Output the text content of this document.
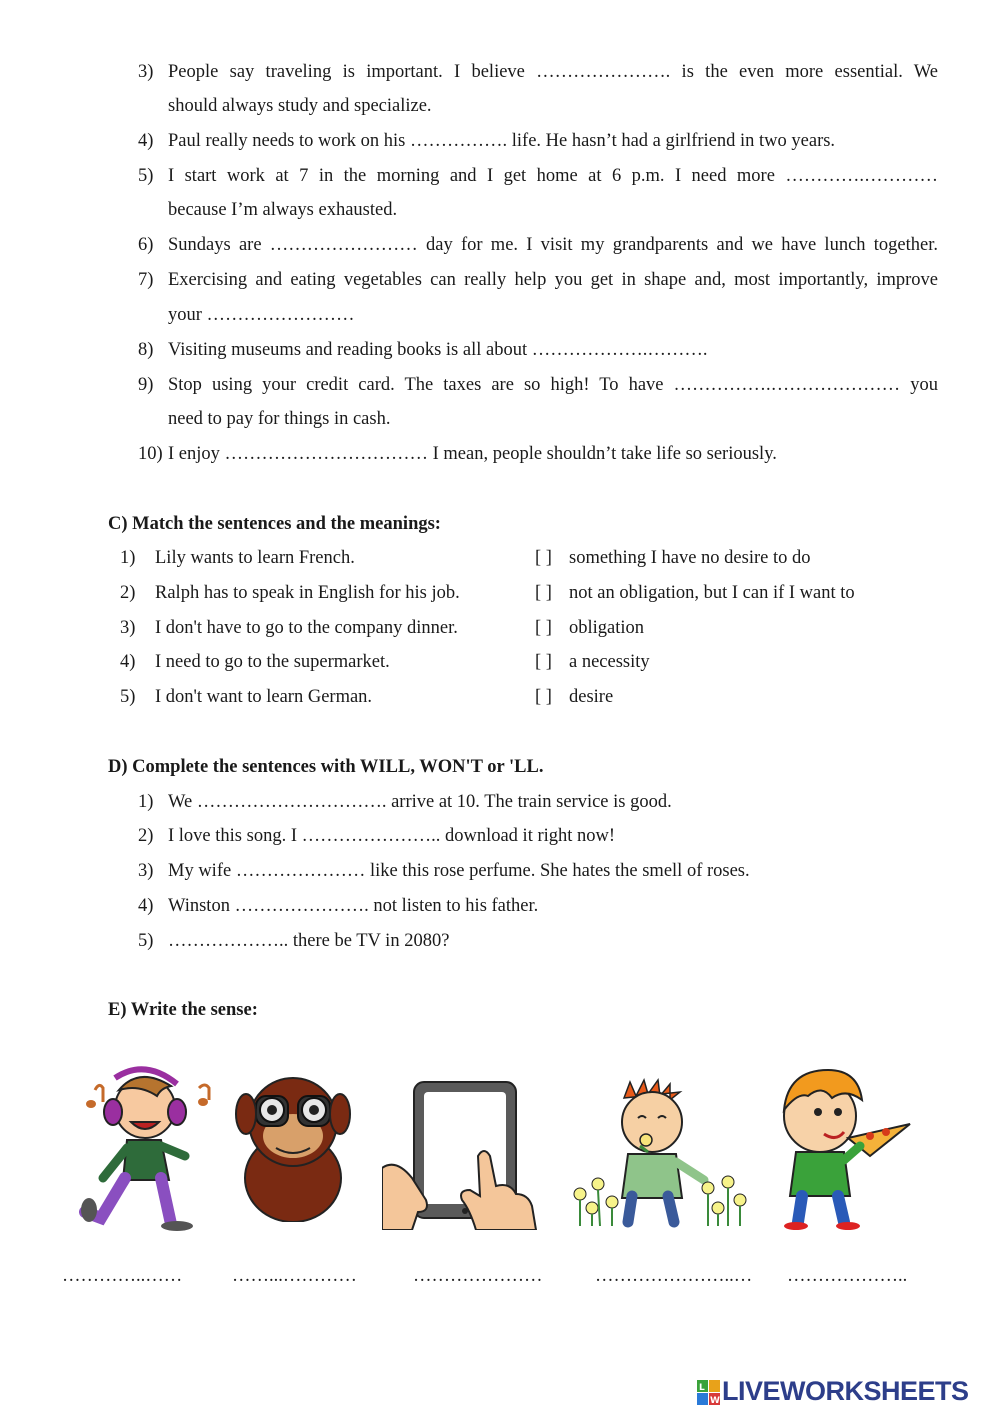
3) People say traveling is important. I believe …………………. is the even more essential. We
should always study and specialize.
4) Paul really needs to work on his ……………. life. He hasn’t had a girlfriend in two years.
5) I start work at 7 in the morning and I get home at 6 p.m. I need more ………….…………
because I’m always exhausted.
6) Sundays are …………………… day for me. I visit my grandparents and we have lunch together.
7) Exercising and eating vegetables can really help you get in shape and, most importantly, improve
your ……………………
8) Visiting museums and reading books is all about ……………….……….
9) Stop using your credit card. The taxes are so high! To have …………….………………… you
need to pay for things in cash.
10) I enjoy …………………………… I mean, people shouldn’t take life so seriously.
C) Match the sentences and the meanings:
1) Lily wants to learn French.	[ ] something I have no desire to do
2) Ralph has to speak in English for his job.	[ ] not an obligation, but I can if I want to
3) I don't have to go to the company dinner.	[ ] obligation
4) I need to go to the supermarket.	[ ] a necessity
5) I don't want to learn German.	[ ] desire
D) Complete the sentences with WILL, WON'T or 'LL.
1) We …………………………. arrive at 10. The train service is good.
2) I love this song. I ………………….. download it right now!
3) My wife ………………… like this rose perfume. She hates the smell of roses.
4) Winston …………………. not listen to his father.
5) ……………….. there be TV in 2080?
E) Write the sense:
…………..……	……...…………	…………………	…………………..… ………………..
L
W LIVEWORKSHEETS
